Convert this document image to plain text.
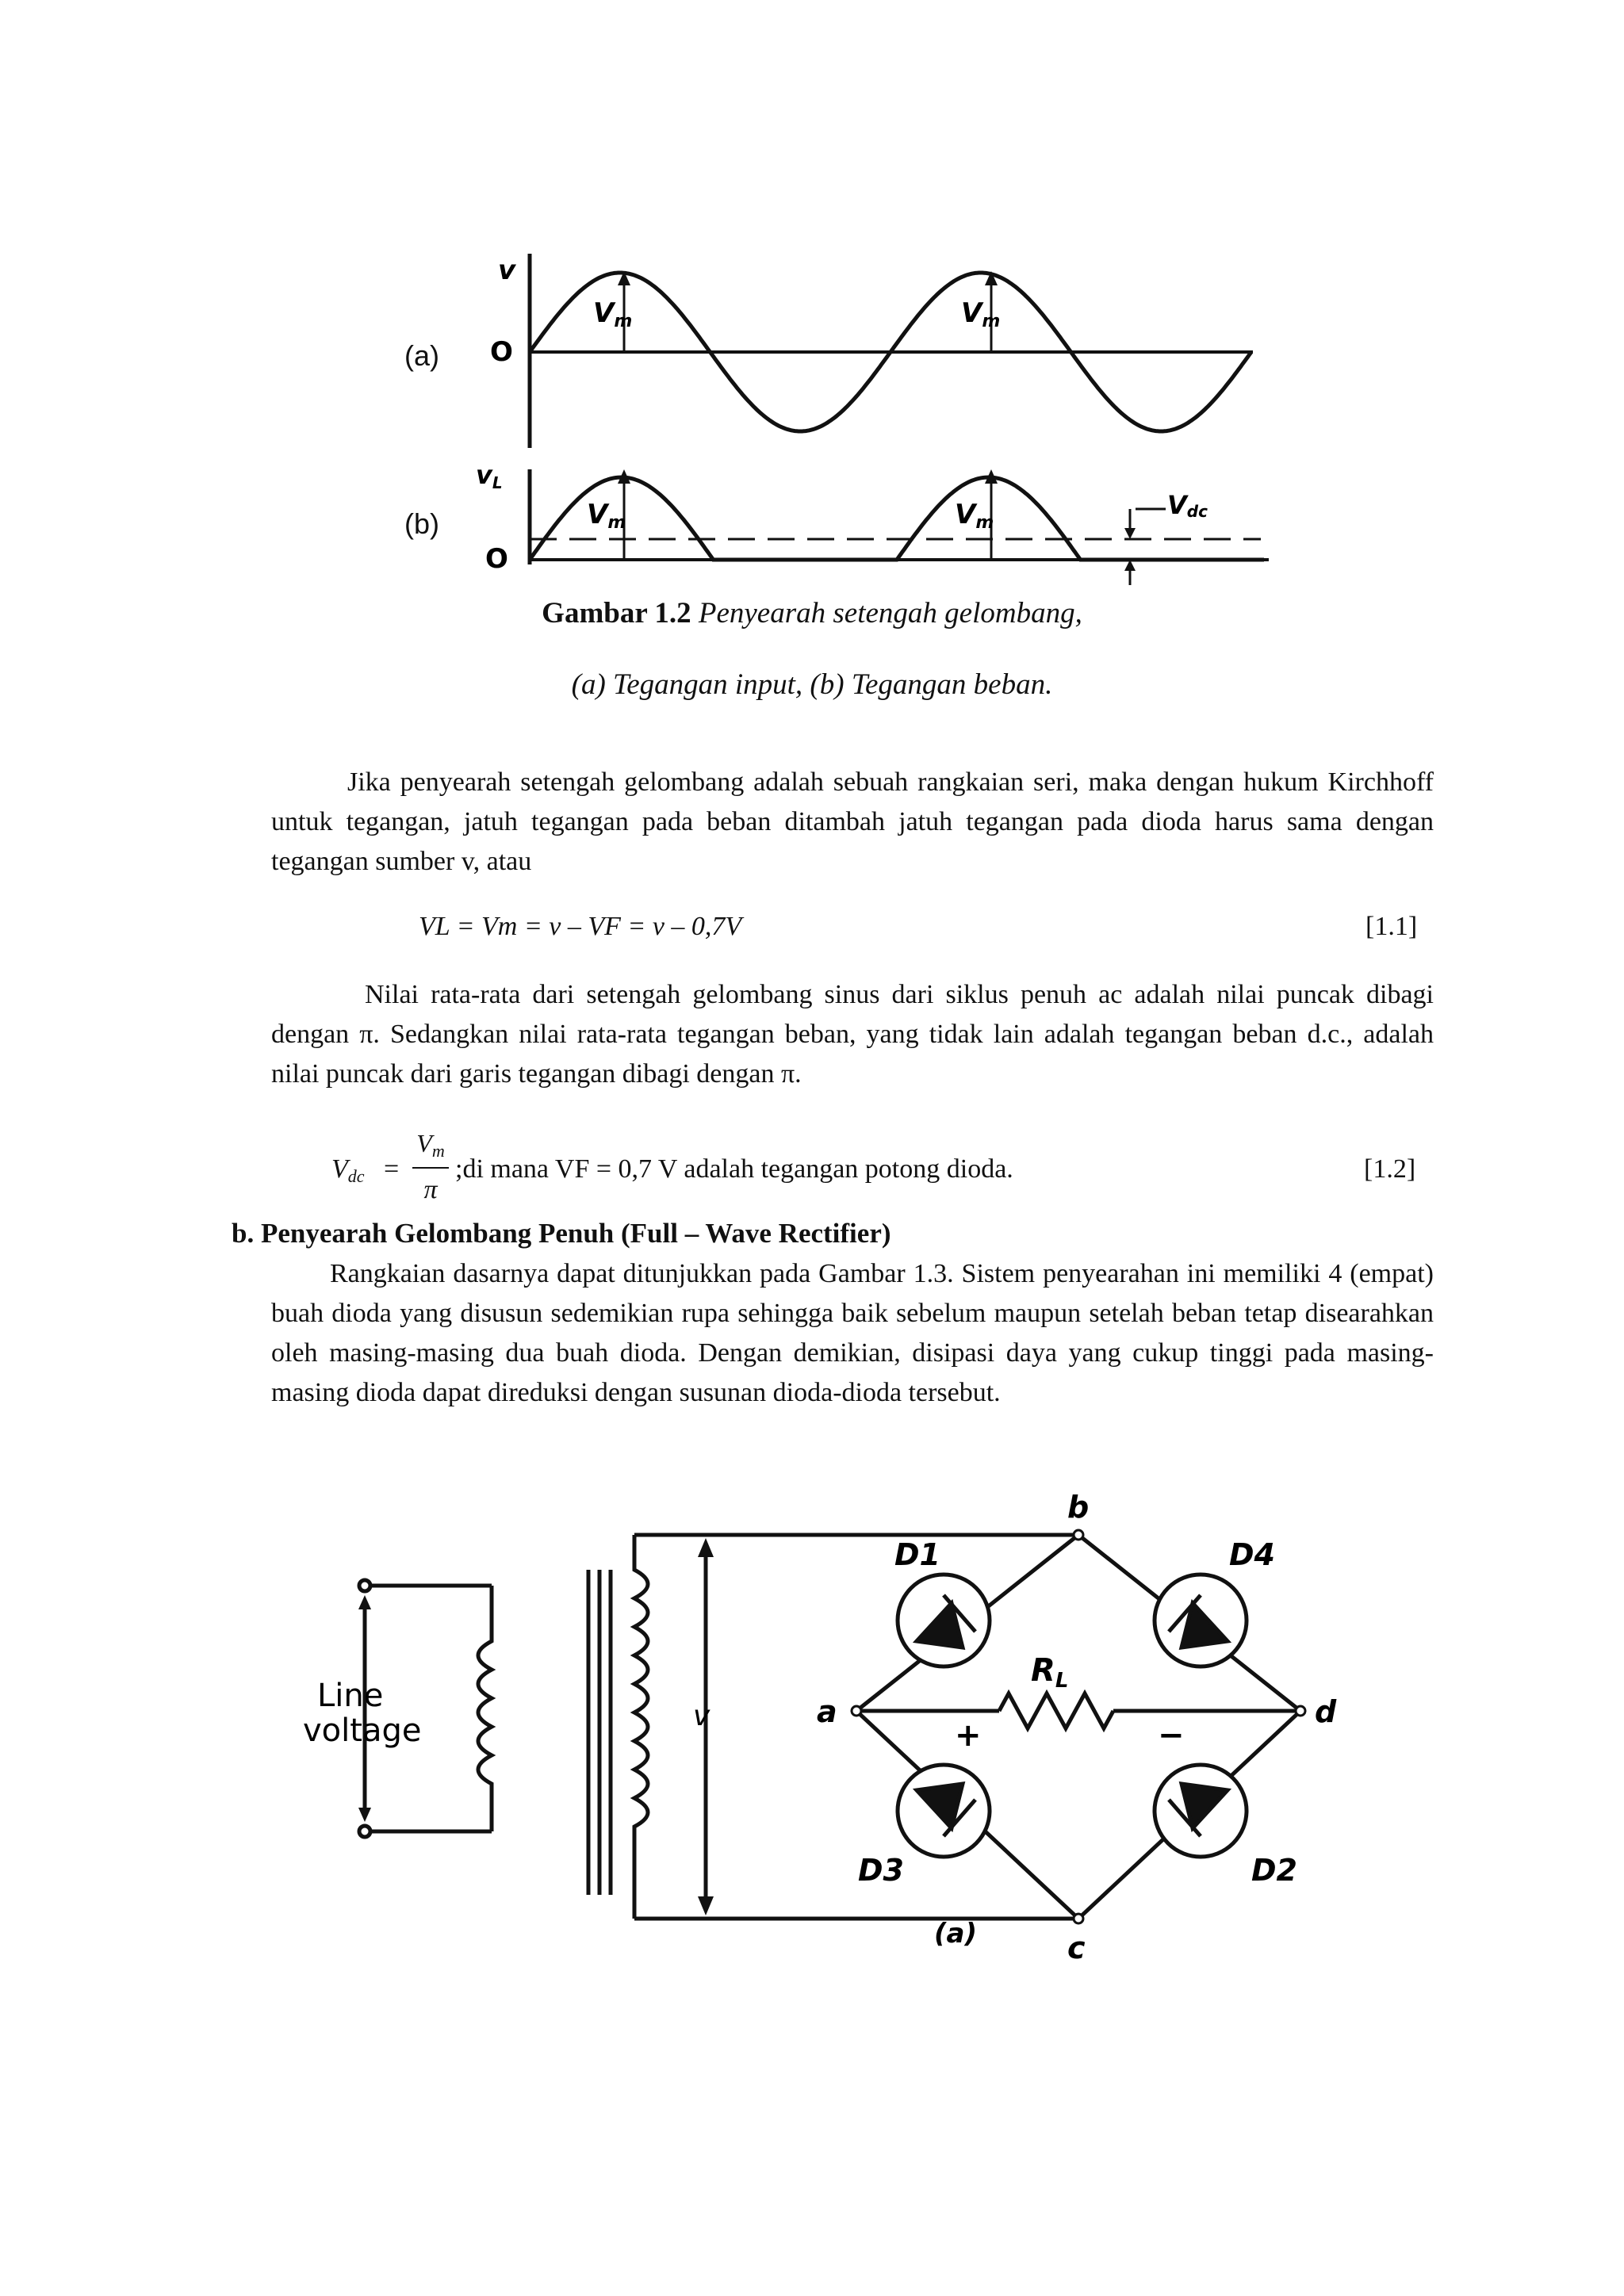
(a)
(b)
v
O
Vm	Vm
vL
O
Vm	Vm
Vdc
Gambar 1.2 Penyearah setengah gelombang,
(a) Tegangan input, (b) Tegangan beban.
Jika penyearah setengah gelombang adalah sebuah rangkaian seri, maka dengan hukum Kirchhoff untuk tegangan, jatuh tegangan pada beban ditambah jatuh tegangan pada dioda harus sama dengan tegangan sumber v, atau
VL = Vm = v – VF = v – 0,7V	[1.1]
Nilai rata-rata dari setengah gelombang sinus dari siklus penuh ac adalah nilai puncak dibagi dengan π. Sedangkan nilai rata-rata tegangan beban, yang tidak lain adalah tegangan beban d.c., adalah nilai puncak dari garis tegangan dibagi dengan π.
$V_{dc}$ =
$V_m$
π
;di mana VF = 0,7 V adalah tegangan potong dioda.	[1.2]
b. Penyearah Gelombang Penuh (Full – Wave Rectifier)
Rangkaian dasarnya dapat ditunjukkan pada Gambar 1.3. Sistem penyearahan ini memiliki 4 (empat) buah dioda yang disusun sedemikian rupa sehingga baik sebelum maupun setelah beban tetap disearahkan oleh masing-masing dua buah dioda. Dengan demikian, disipasi daya yang cukup tinggi pada masing-masing dioda dapat direduksi dengan susunan dioda-dioda tersebut.
Line
voltage	v
b
a	d
c
D1	D4
D3	D2
$R_L$
+	−
(a)
